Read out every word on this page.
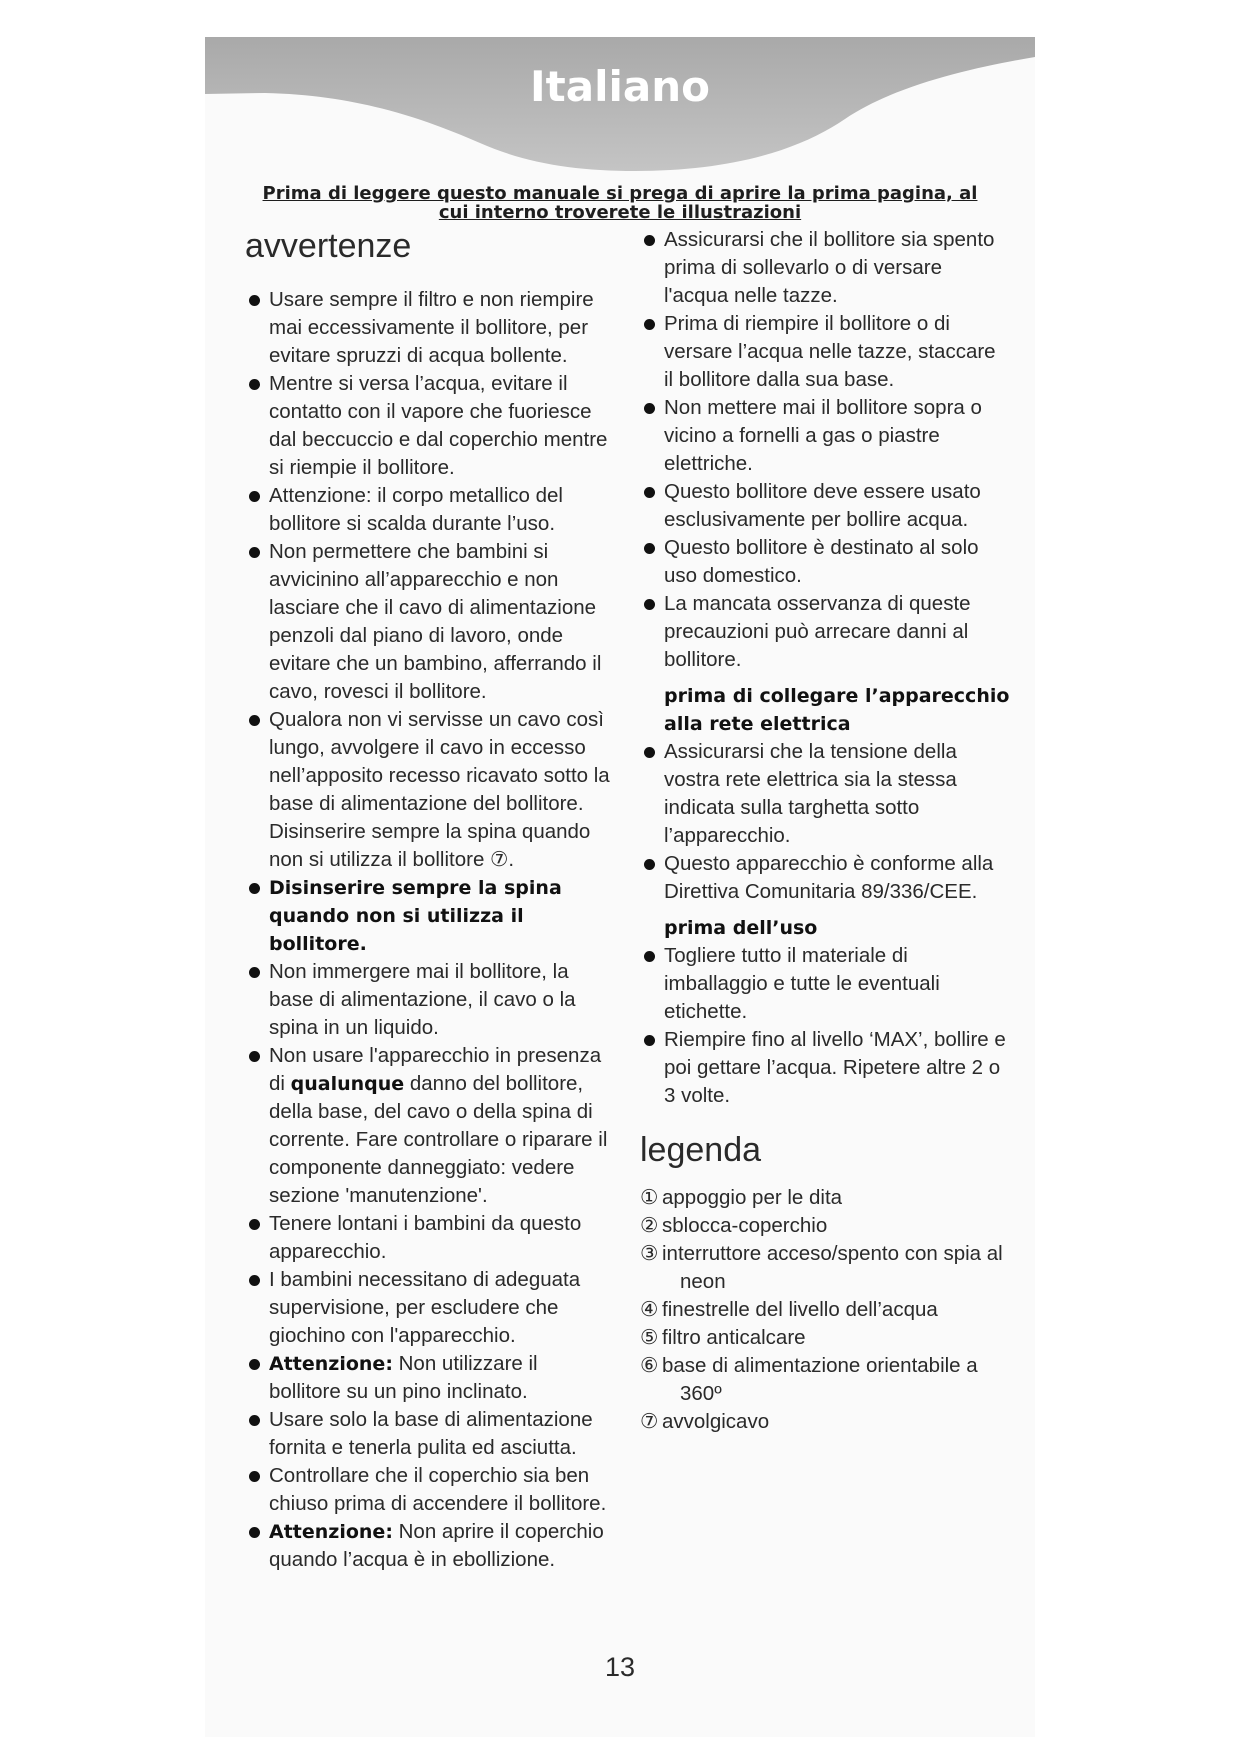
Italiano
Prima di leggere questo manuale si prega di aprire la prima pagina, al cui interno troverete le illustrazioni
avvertenze
Usare sempre il filtro e non riempire mai eccessivamente il bollitore, per evitare spruzzi di acqua bollente.
Mentre si versa l’acqua, evitare il contatto con il vapore che fuoriesce dal beccuccio e dal coperchio mentre si riempie il bollitore.
Attenzione: il corpo metallico del bollitore si scalda durante l’uso.
Non permettere che bambini si avvicinino all’apparecchio e non lasciare che il cavo di alimentazione penzoli dal piano di lavoro, onde evitare che un bambino, afferrando il cavo, rovesci il bollitore.
Qualora non vi servisse un cavo così lungo, avvolgere il cavo in eccesso nell’apposito recesso ricavato sotto la base di alimentazione del bollitore. Disinserire sempre la spina quando non si utilizza il bollitore ⑦.
Disinserire sempre la spina quando non si utilizza il bollitore.
Non immergere mai il bollitore, la base di alimentazione, il cavo o la spina in un liquido.
Non usare l'apparecchio in presenza di qualunque danno del bollitore, della base, del cavo o della spina di corrente. Fare controllare o riparare il componente danneggiato: vedere sezione 'manutenzione'.
Tenere lontani i bambini da questo apparecchio.
I bambini necessitano di adeguata supervisione, per escludere che giochino con l'apparecchio.
Attenzione: Non utilizzare il bollitore su un pino inclinato.
Usare solo la base di alimentazione fornita e tenerla pulita ed asciutta.
Controllare che il coperchio sia ben chiuso prima di accendere il bollitore.
Attenzione: Non aprire il coperchio quando l’acqua è in ebollizione.
Assicurarsi che il bollitore sia spento prima di sollevarlo o di versare l'acqua nelle tazze.
Prima di riempire il bollitore o di versare l’acqua nelle tazze, staccare il bollitore dalla sua base.
Non mettere mai il bollitore sopra o vicino a fornelli a gas o piastre elettriche.
Questo bollitore deve essere usato esclusivamente per bollire acqua.
Questo bollitore è destinato al solo uso domestico.
La mancata osservanza di queste precauzioni può arrecare danni al bollitore.
prima di collegare l’apparecchio alla rete elettrica
Assicurarsi che la tensione della vostra rete elettrica sia la stessa indicata sulla targhetta sotto l’apparecchio.
Questo apparecchio è conforme alla Direttiva Comunitaria 89/336/CEE.
prima dell’uso
Togliere tutto il materiale di imballaggio e tutte le eventuali etichette.
Riempire fino al livello ‘MAX’, bollire e poi gettare l’acqua. Ripetere altre 2 o 3 volte.
legenda
① appoggio per le dita
② sblocca-coperchio
③ interruttore acceso/spento con spia al neon
④ finestrelle del livello dell’acqua
⑤ filtro anticalcare
⑥ base di alimentazione orientabile a 360º
⑦ avvolgicavo
13
